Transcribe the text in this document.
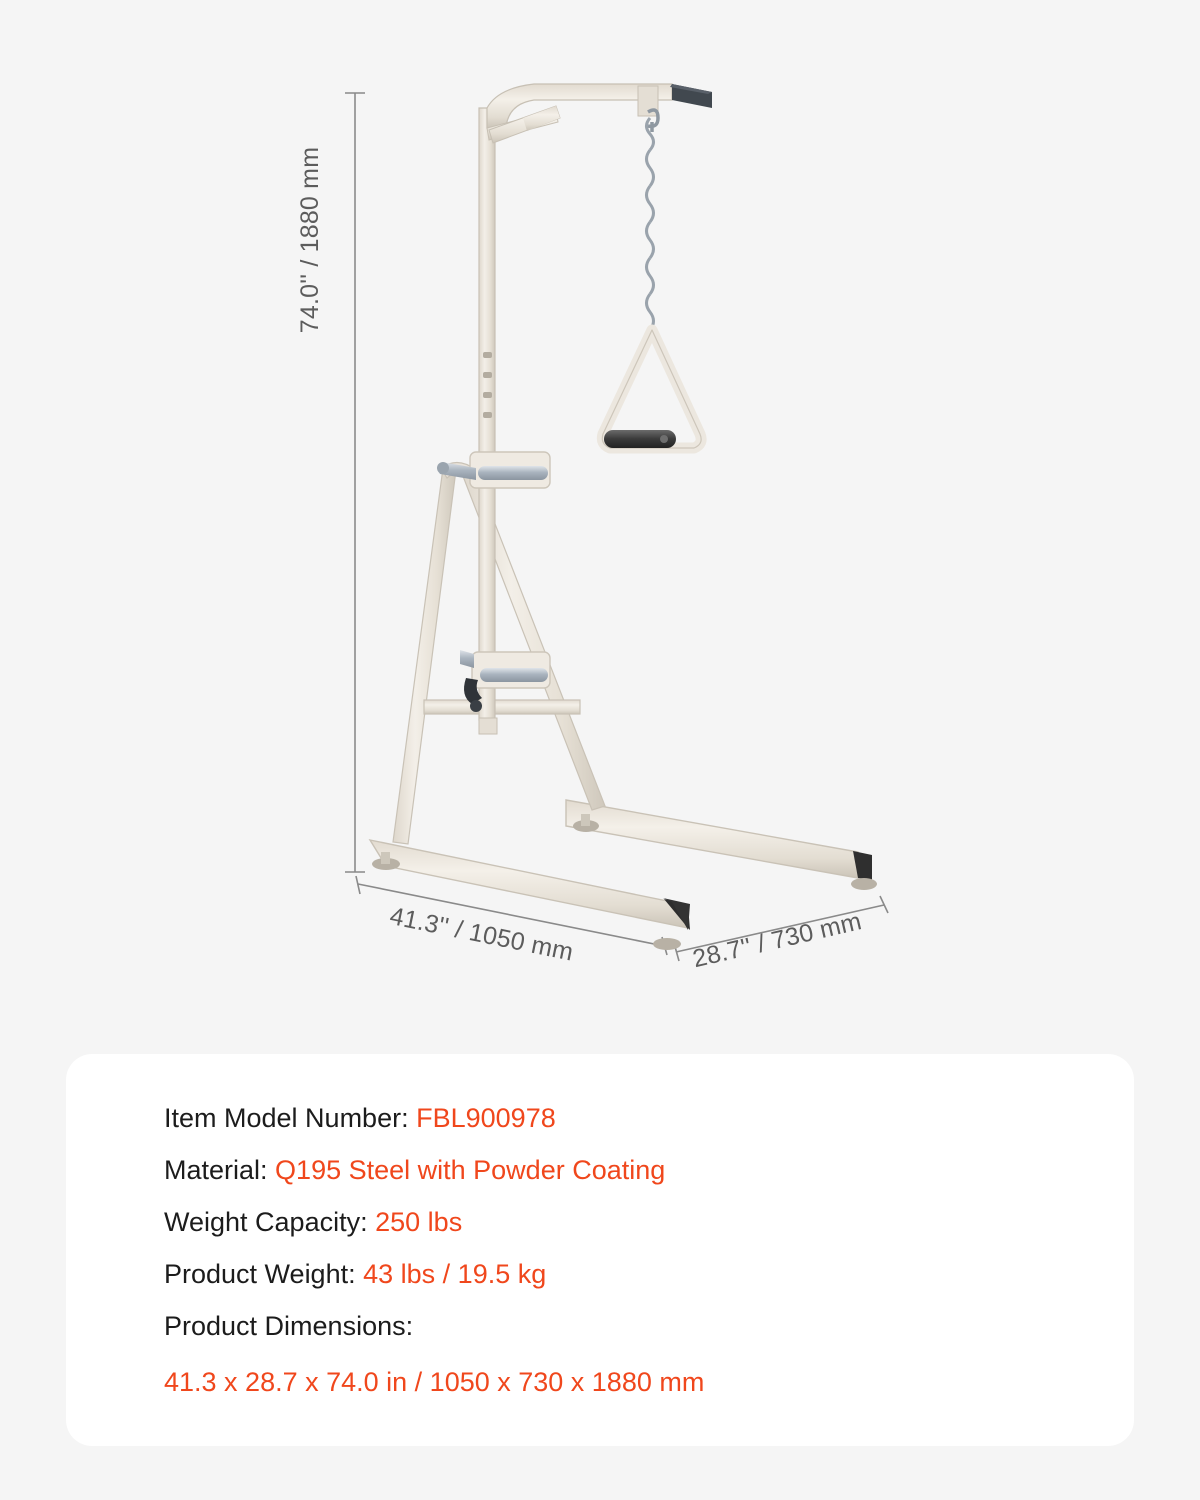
74.0'' / 1880 mm
41.3'' / 1050 mm	28.7'' / 730 mm
Item Model Number: FBL900978
Material: Q195 Steel with Powder Coating
Weight Capacity: 250 lbs
Product Weight: 43 lbs / 19.5 kg
Product Dimensions:
41.3 x 28.7 x 74.0 in / 1050 x 730 x 1880 mm
